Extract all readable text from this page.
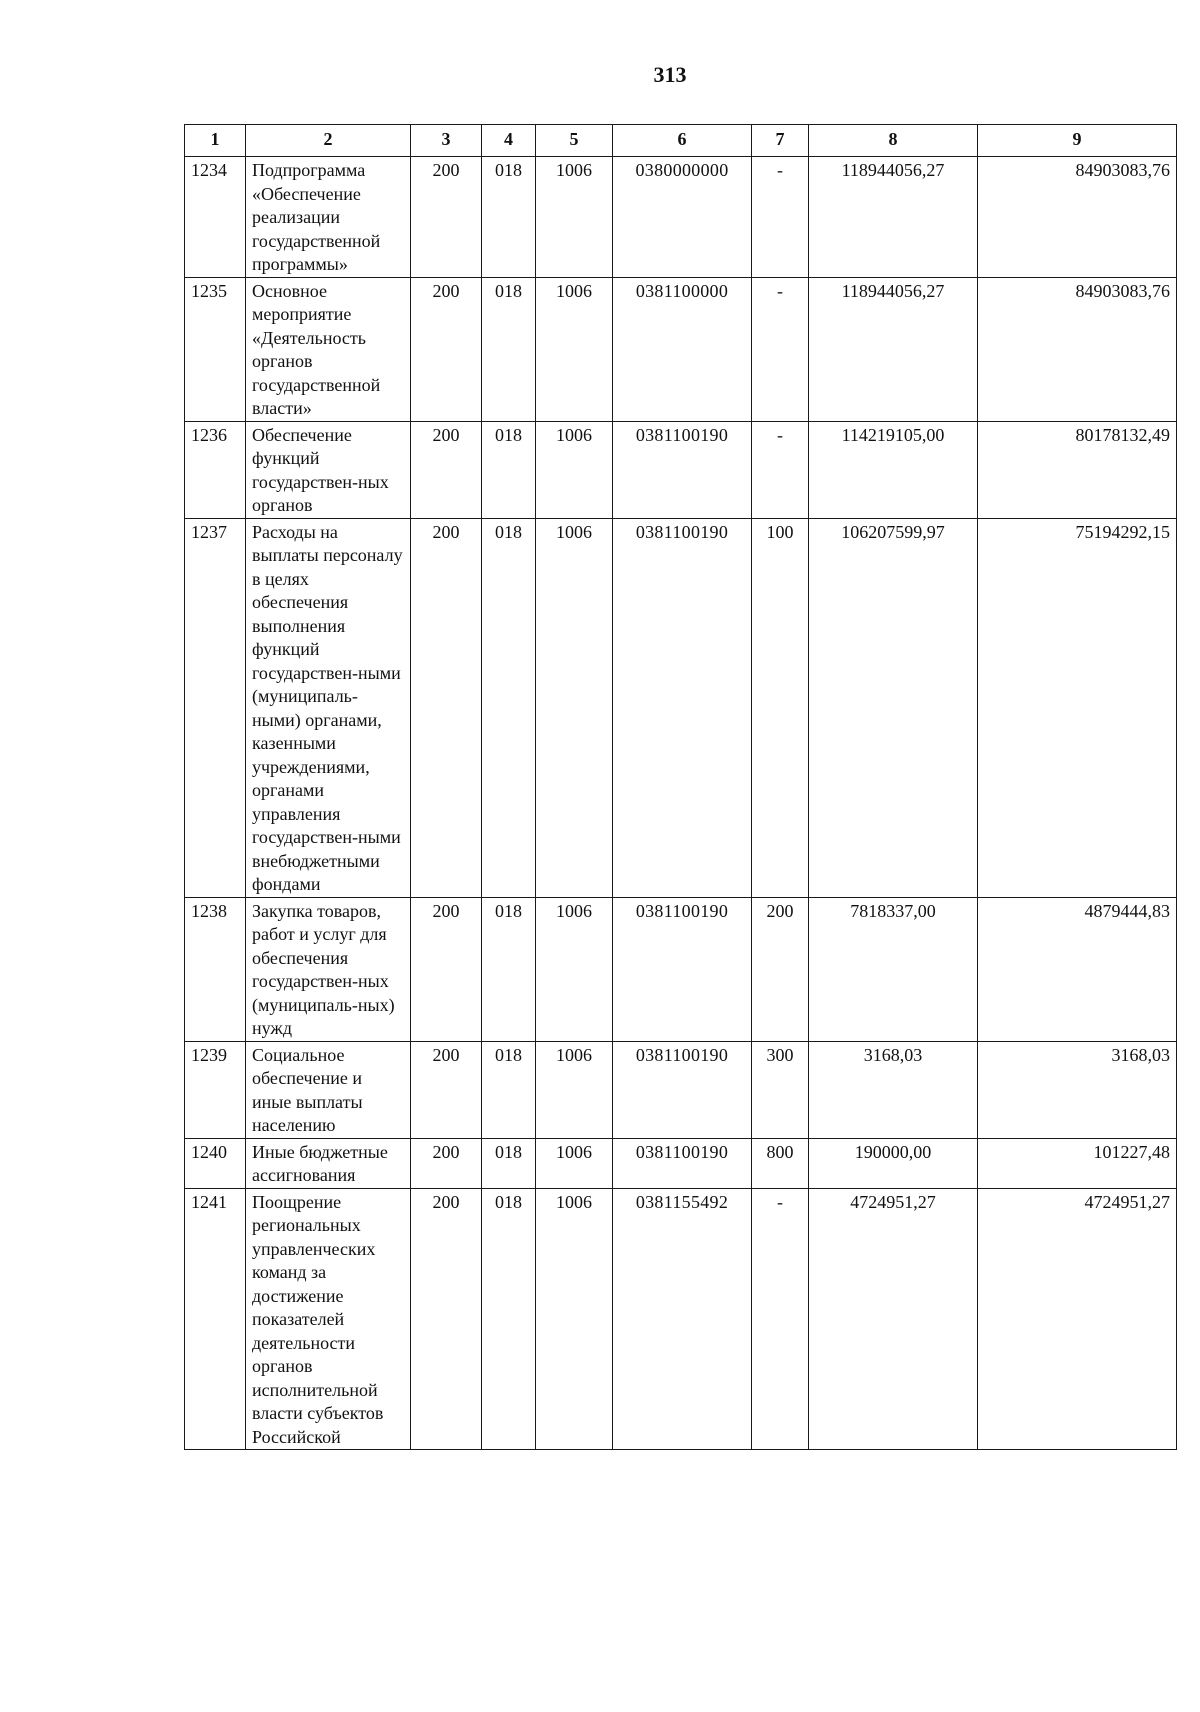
313
1	2	3	4	5	6	7	8	9
1234	Подпрограмма «Обеспечение реализации государственной программы»	200	018	1006	0380000000	-	118944056,27	84903083,76
1235	Основное мероприятие «Деятельность органов государственной власти»	200	018	1006	0381100000	-	118944056,27	84903083,76
1236	Обеспечение функций государствен-ных органов	200	018	1006	0381100190	-	114219105,00	80178132,49
1237	Расходы на выплаты персоналу в целях обеспечения выполнения функций государствен-ными (муниципаль-ными) органами, казенными учреждениями, органами управления государствен-ными внебюджетными фондами	200	018	1006	0381100190	100	106207599,97	75194292,15
1238	Закупка товаров, работ и услуг для обеспечения государствен-ных (муниципаль-ных) нужд	200	018	1006	0381100190	200	7818337,00	4879444,83
1239	Социальное обеспечение и иные выплаты населению	200	018	1006	0381100190	300	3168,03	3168,03
1240	Иные бюджетные ассигнования	200	018	1006	0381100190	800	190000,00	101227,48
1241	Поощрение региональных управленческих команд за достижение показателей деятельности органов исполнительной власти субъектов Российской	200	018	1006	0381155492	-	4724951,27	4724951,27
